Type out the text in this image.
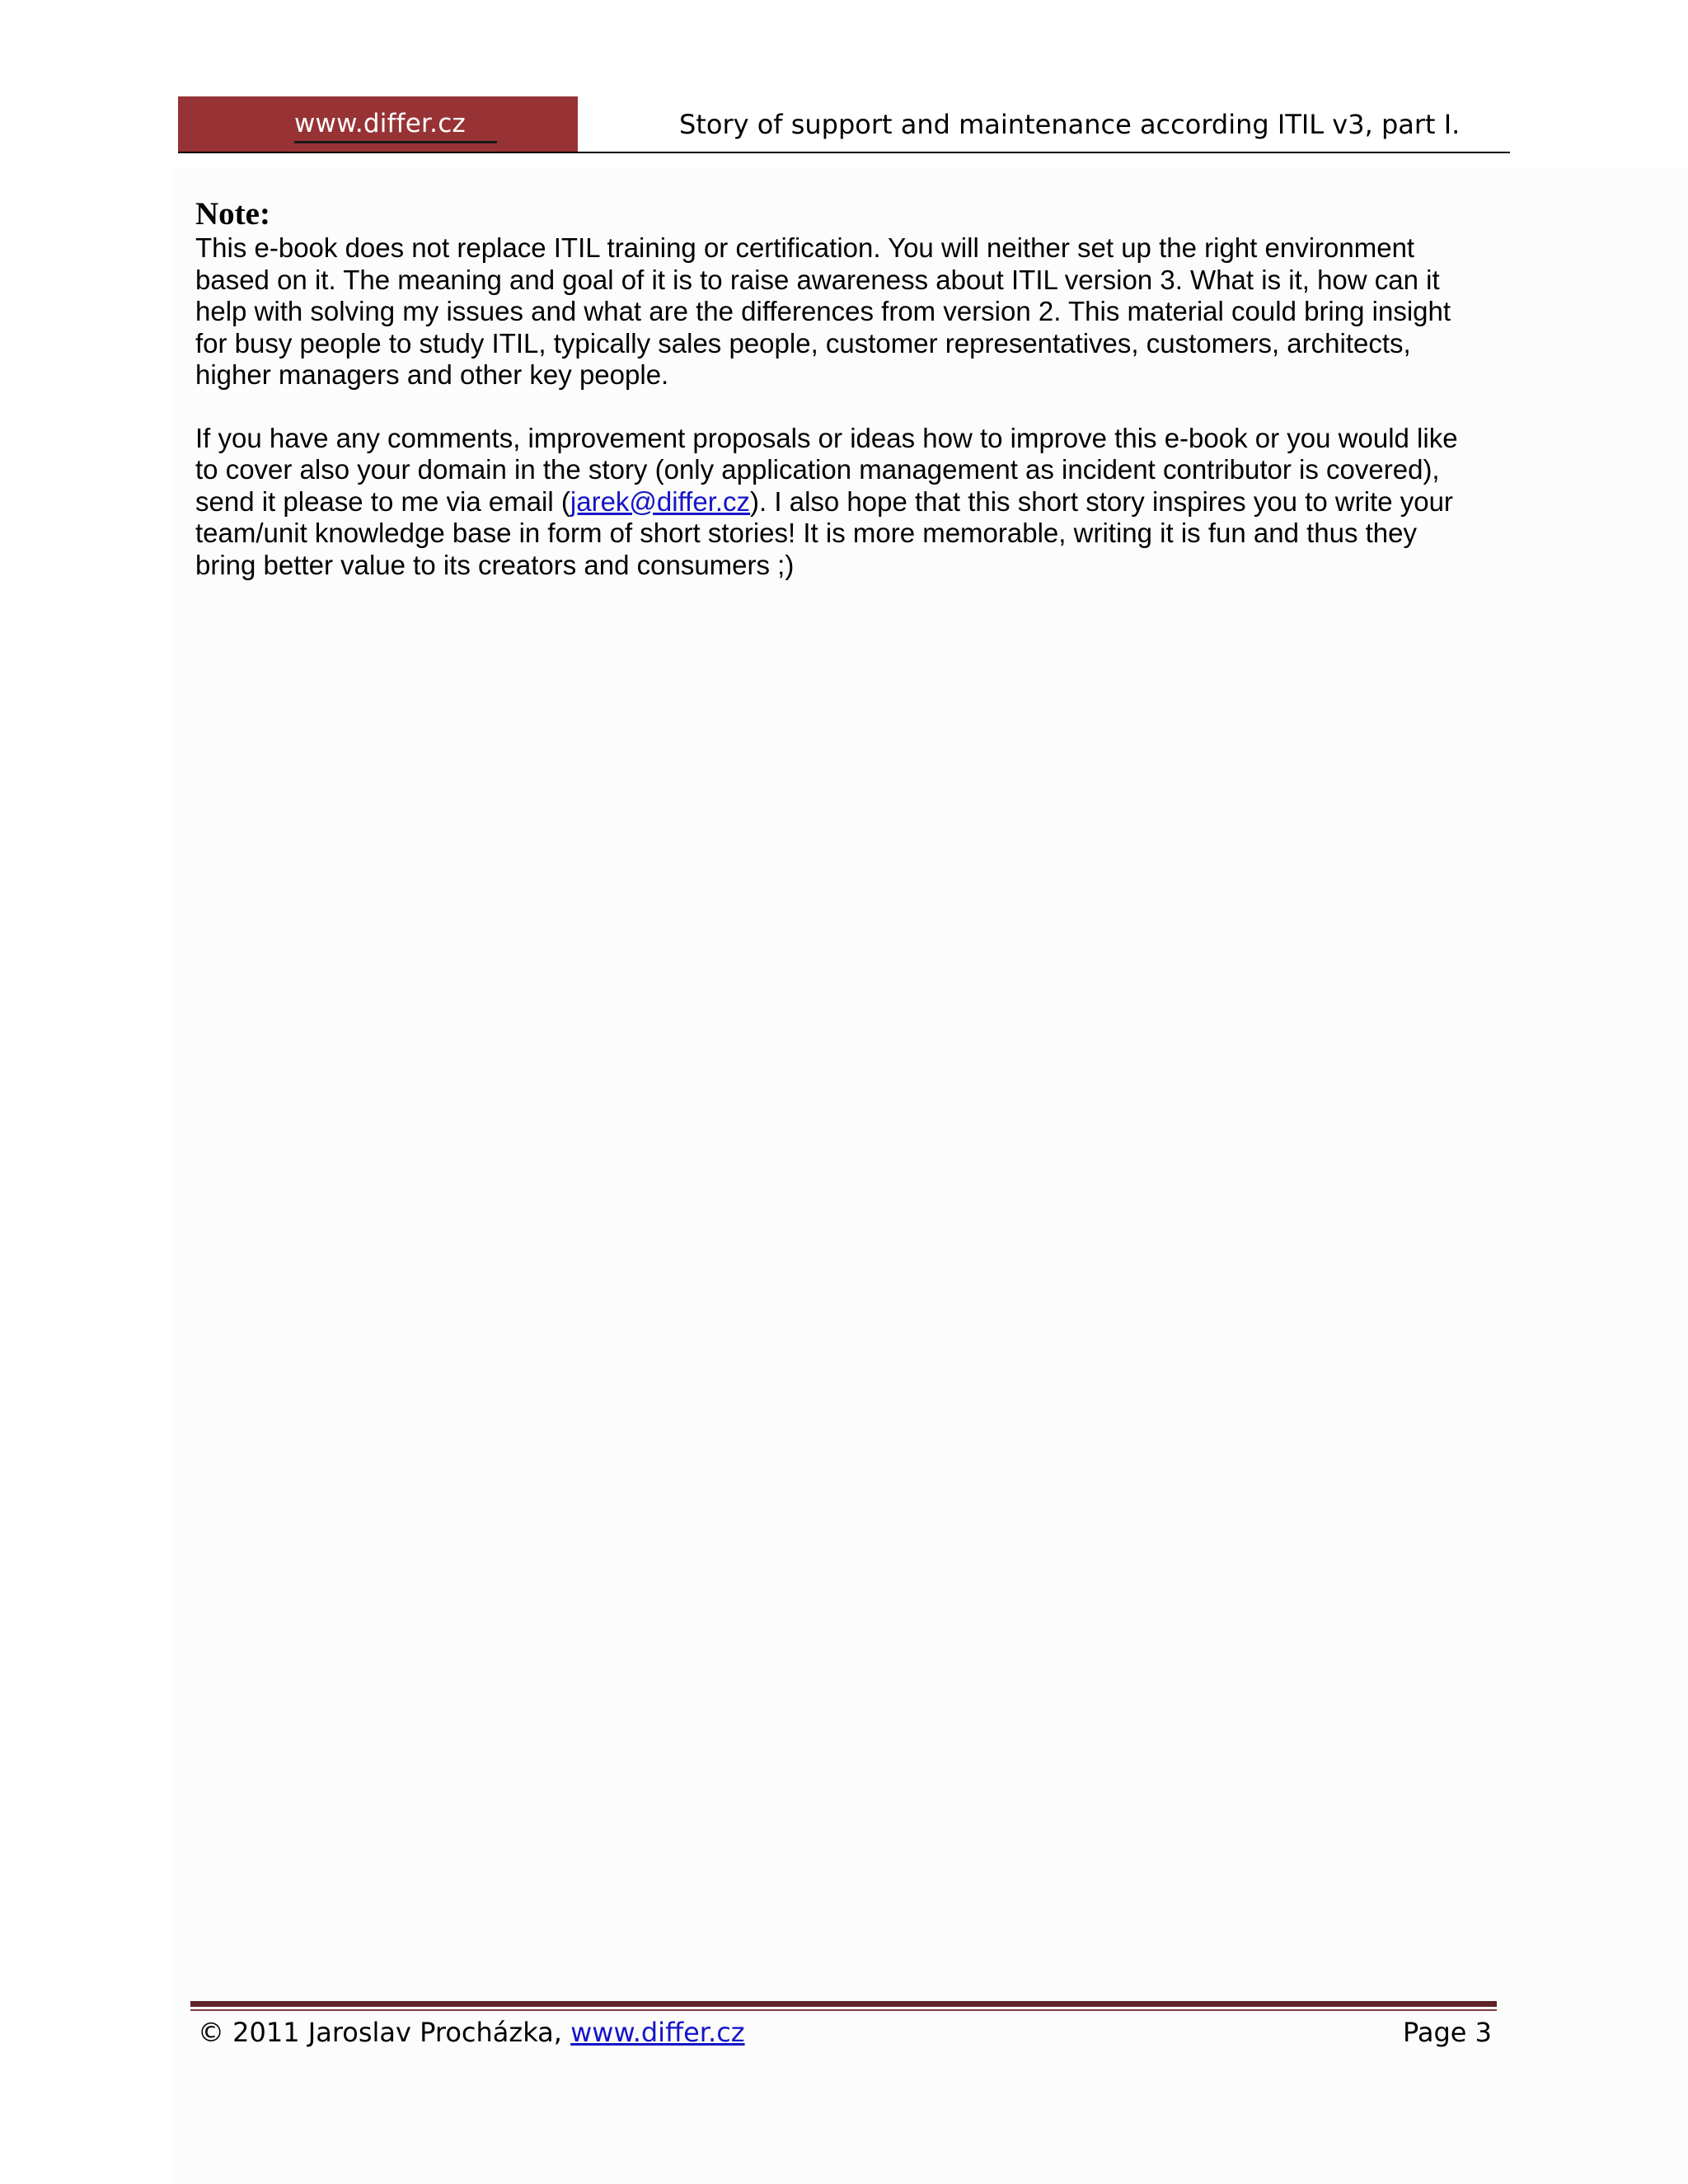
www.differ.cz	Story of support and maintenance according ITIL v3, part I.
Note:

This e-book does not replace ITIL training or certification. You will neither set up the right environment
based on it. The meaning and goal of it is to raise awareness about ITIL version 3. What is it, how can it
help with solving my issues and what are the differences from version 2. This material could bring insight
for busy people to study ITIL, typically sales people, customer representatives, customers, architects,
higher managers and other key people.

If you have any comments, improvement proposals or ideas how to improve this e-book or you would like
to cover also your domain in the story (only application management as incident contributor is covered),
send it please to me via email (jarek@differ.cz). I also hope that this short story inspires you to write your
team/unit knowledge base in form of short stories! It is more memorable, writing it is fun and thus they
bring better value to its creators and consumers ;)

© 2011 Jaroslav Procházka, www.differ.cz	Page 3
